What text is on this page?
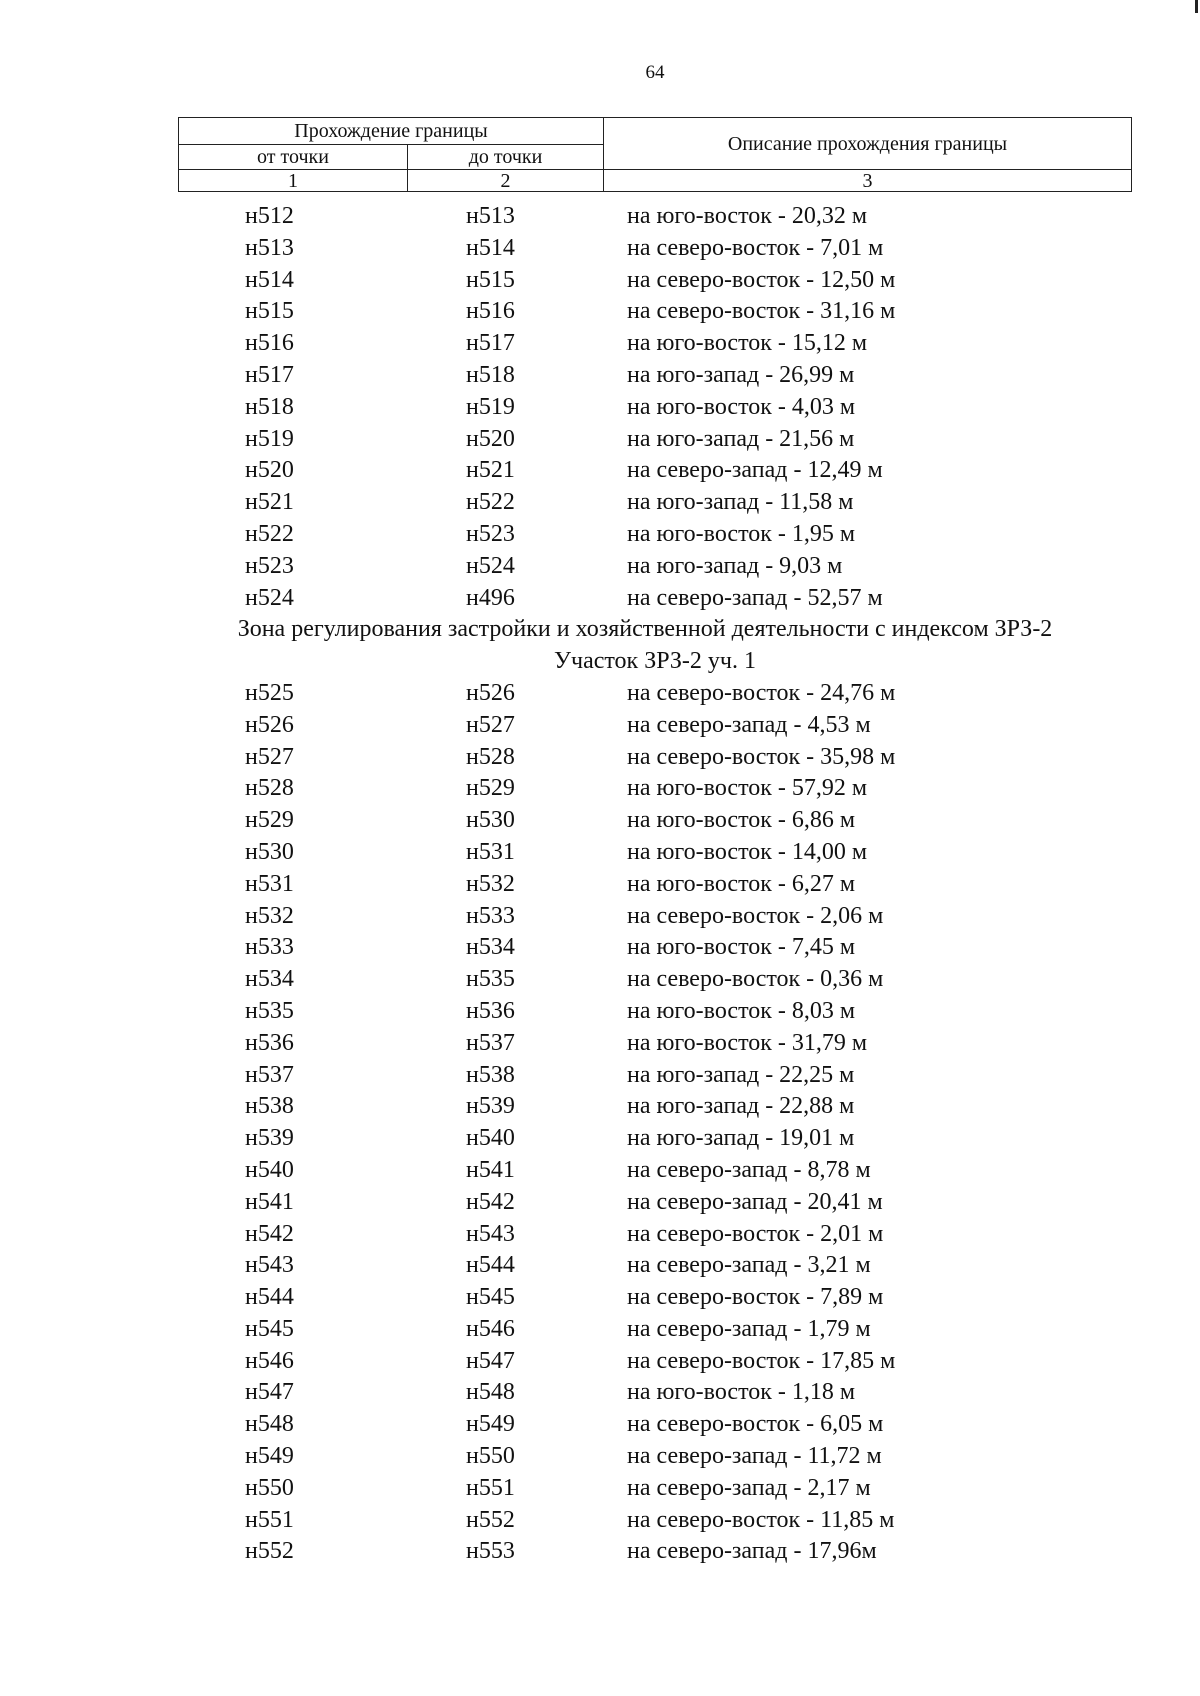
64
Прохождение границы		Описание прохождения границы
от точки	до точки	
1	2	3
н512	н513	на юго-восток - 20,32 м
н513	н514	на северо-восток - 7,01 м
н514	н515	на северо-восток - 12,50 м
н515	н516	на северо-восток - 31,16 м
н516	н517	на юго-восток - 15,12 м
н517	н518	на юго-запад - 26,99 м
н518	н519	на юго-восток - 4,03 м
н519	н520	на юго-запад - 21,56 м
н520	н521	на северо-запад - 12,49 м
н521	н522	на юго-запад - 11,58 м
н522	н523	на юго-восток - 1,95 м
н523	н524	на юго-запад - 9,03 м
н524	н496	на северо-запад - 52,57 м
Зона регулирования застройки и хозяйственной деятельности с индексом ЗРЗ-2
Участок ЗРЗ-2 уч. 1
н525	н526	на северо-восток - 24,76 м
н526	н527	на северо-запад - 4,53 м
н527	н528	на северо-восток - 35,98 м
н528	н529	на юго-восток - 57,92 м
н529	н530	на юго-восток - 6,86 м
н530	н531	на юго-восток - 14,00 м
н531	н532	на юго-восток - 6,27 м
н532	н533	на северо-восток - 2,06 м
н533	н534	на юго-восток - 7,45 м
н534	н535	на северо-восток - 0,36 м
н535	н536	на юго-восток - 8,03 м
н536	н537	на юго-восток - 31,79 м
н537	н538	на юго-запад - 22,25 м
н538	н539	на юго-запад - 22,88 м
н539	н540	на юго-запад - 19,01 м
н540	н541	на северо-запад - 8,78 м
н541	н542	на северо-запад - 20,41 м
н542	н543	на северо-восток - 2,01 м
н543	н544	на северо-запад - 3,21 м
н544	н545	на северо-восток - 7,89 м
н545	н546	на северо-запад - 1,79 м
н546	н547	на северо-восток - 17,85 м
н547	н548	на юго-восток - 1,18 м
н548	н549	на северо-восток - 6,05 м
н549	н550	на северо-запад - 11,72 м
н550	н551	на северо-запад - 2,17 м
н551	н552	на северо-восток - 11,85 м
н552	н553	на северо-запад - 17,96м
